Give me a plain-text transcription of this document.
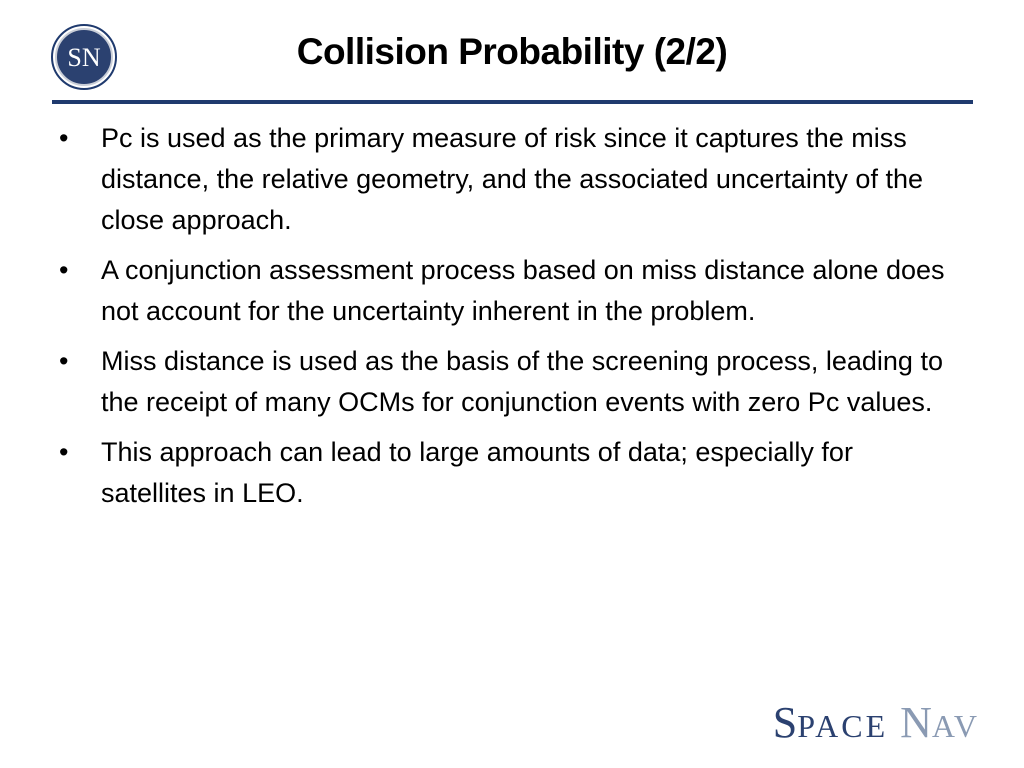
SN	Collision Probability (2/2)
• Pc is used as the primary measure of risk since it captures the miss distance, the relative geometry, and the associated uncertainty of the close approach.
• A conjunction assessment process based on miss distance alone does not account for the uncertainty inherent in the problem.
• Miss distance is used as the basis of the screening process, leading to the receipt of many OCMs for conjunction events with zero Pc values.
• This approach can lead to large amounts of data; especially for satellites in LEO.
SPACE NAV
